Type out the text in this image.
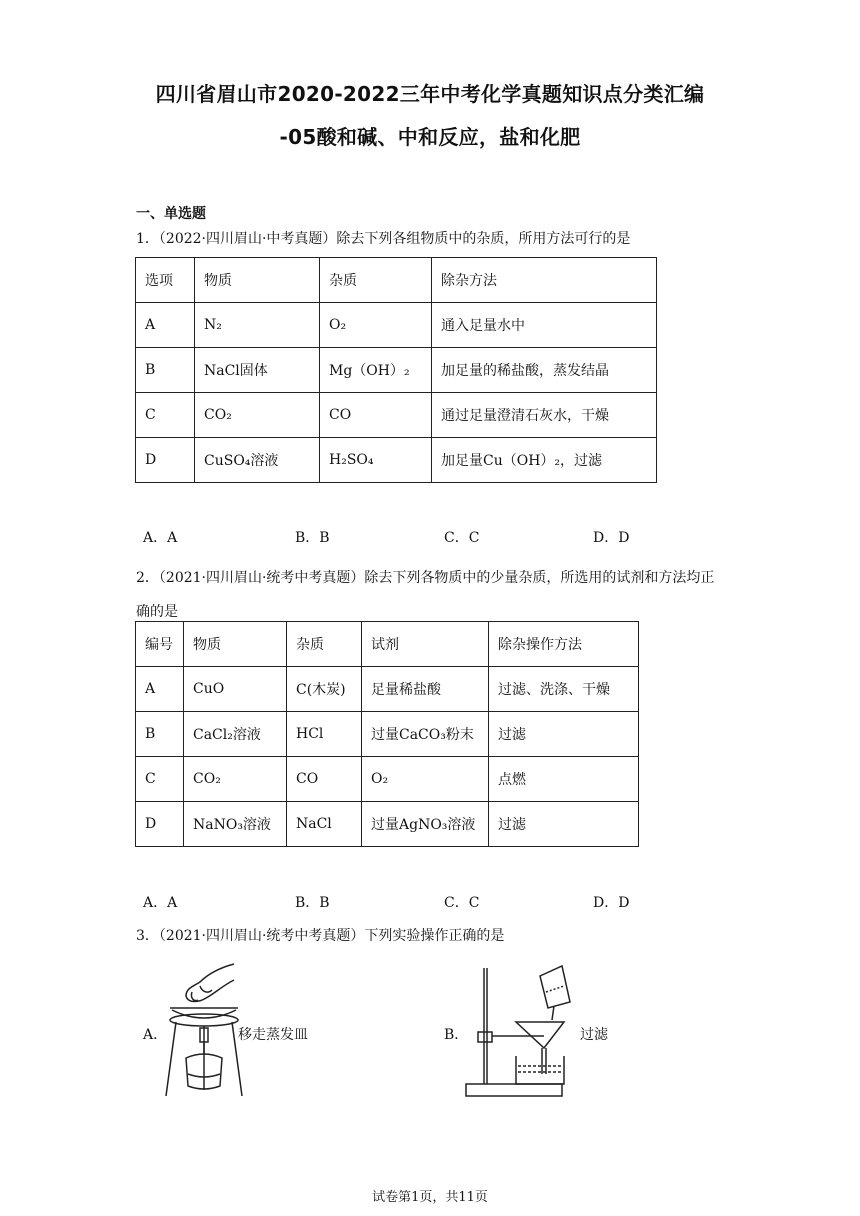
四川省眉山市2020-2022三年中考化学真题知识点分类汇编
-05酸和碱、中和反应，盐和化肥
一、单选题
1．（2022·四川眉山·中考真题）除去下列各组物质中的杂质，所用方法可行的是
选项	物质	杂质	除杂方法
A	N₂	O₂	通入足量水中
B	NaCl固体	Mg（OH）₂	加足量的稀盐酸，蒸发结晶
C	CO₂	CO	通过足量澄清石灰水，干燥
D	CuSO₄溶液	H₂SO₄	加足量Cu（OH）₂，过滤
A．A	B．B	C．C	D．D
2．（2021·四川眉山·统考中考真题）除去下列各物质中的少量杂质，所选用的试剂和方法均正确的是
编号	物质	杂质	试剂	除杂操作方法
A	CuO	C(木炭)	足量稀盐酸	过滤、洗涤、干燥
B	CaCl₂溶液	HCl	过量CaCO₃粉末	过滤
C	CO₂	CO	O₂	点燃
D	NaNO₃溶液	NaCl	过量AgNO₃溶液	过滤
A．A	B．B	C．C	D．D
3．（2021·四川眉山·统考中考真题）下列实验操作正确的是
A．	移走蒸发皿	B．	过滤
试卷第1页，共11页
